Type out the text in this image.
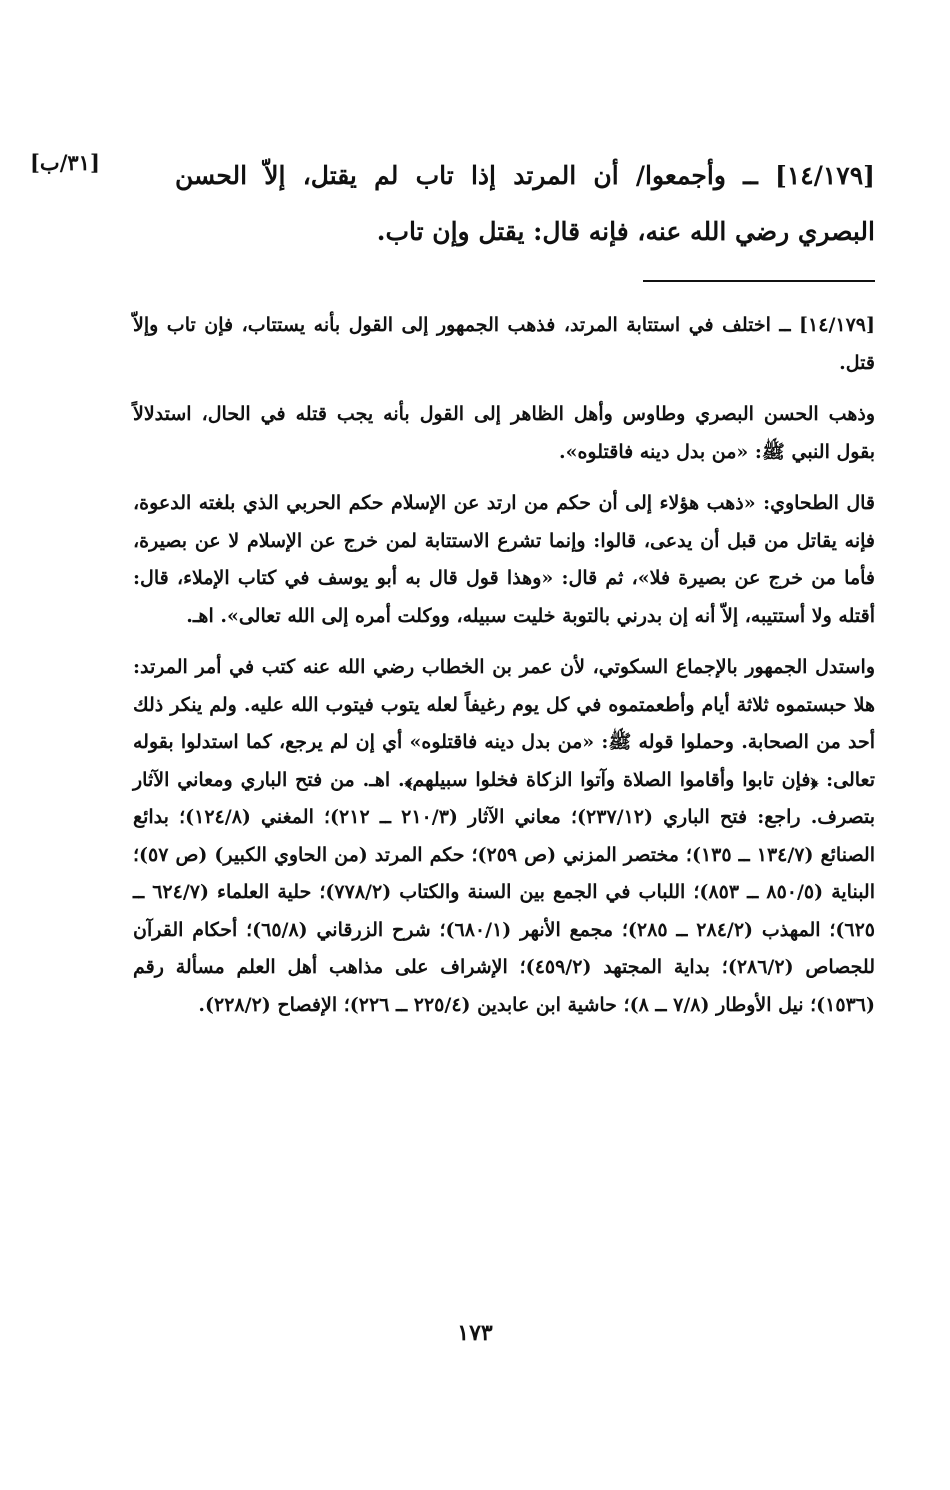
[٣١/ب]	[١٤/١٧٩] ــ وأجمعوا/ أن المرتد إذا تاب لم يقتل، إلاّ الحسن البصري رضي الله عنه، فإنه قال: يقتل وإن تاب.

[١٤/١٧٩] ــ اختلف في استتابة المرتد، فذهب الجمهور إلى القول بأنه يستتاب، فإن تاب وإلاّ قتل.

وذهب الحسن البصري وطاوس وأهل الظاهر إلى القول بأنه يجب قتله في الحال، استدلالاً بقول النبي ﷺ: «من بدل دينه فاقتلوه».

قال الطحاوي: «ذهب هؤلاء إلى أن حكم من ارتد عن الإسلام حكم الحربي الذي بلغته الدعوة، فإنه يقاتل من قبل أن يدعى، قالوا: وإنما تشرع الاستتابة لمن خرج عن الإسلام لا عن بصيرة، فأما من خرج عن بصيرة فلا»، ثم قال: «وهذا قول قال به أبو يوسف في كتاب الإملاء، قال: أقتله ولا أستتيبه، إلاّ أنه إن بدرني بالتوبة خليت سبيله، ووكلت أمره إلى الله تعالى». اهـ.

واستدل الجمهور بالإجماع السكوتي، لأن عمر بن الخطاب رضي الله عنه كتب في أمر المرتد: هلا حبستموه ثلاثة أيام وأطعمتموه في كل يوم رغيفاً لعله يتوب فيتوب الله عليه. ولم ينكر ذلك أحد من الصحابة. وحملوا قوله ﷺ: «من بدل دينه فاقتلوه» أي إن لم يرجع، كما استدلوا بقوله تعالى: ﴿فإن تابوا وأقاموا الصلاة وآتوا الزكاة فخلوا سبيلهم﴾. اهـ. من فتح الباري ومعاني الآثار بتصرف. راجع: فتح الباري (٢٣٧/١٢)؛ معاني الآثار (٢١٠/٣ ــ ٢١٢)؛ المغني (١٢٤/٨)؛ بدائع الصنائع (١٣٤/٧ ــ ١٣٥)؛ مختصر المزني (ص ٢٥٩)؛ حكم المرتد (من الحاوي الكبير) (ص ٥٧)؛ البناية (٨٥٠/٥ ــ ٨٥٣)؛ اللباب في الجمع بين السنة والكتاب (٧٧٨/٢)؛ حلية العلماء (٦٢٤/٧ ــ ٦٢٥)؛ المهذب (٢٨٤/٢ ــ ٢٨٥)؛ مجمع الأنهر (٦٨٠/١)؛ شرح الزرقاني (٦٥/٨)؛ أحكام القرآن للجصاص (٢٨٦/٢)؛ بداية المجتهد (٤٥٩/٢)؛ الإشراف على مذاهب أهل العلم مسألة رقم (١٥٣٦)؛ نيل الأوطار (٧/٨ ــ ٨)؛ حاشية ابن عابدين (٢٢٥/٤ ــ ٢٢٦)؛ الإفصاح (٢٢٨/٢).

١٧٣
